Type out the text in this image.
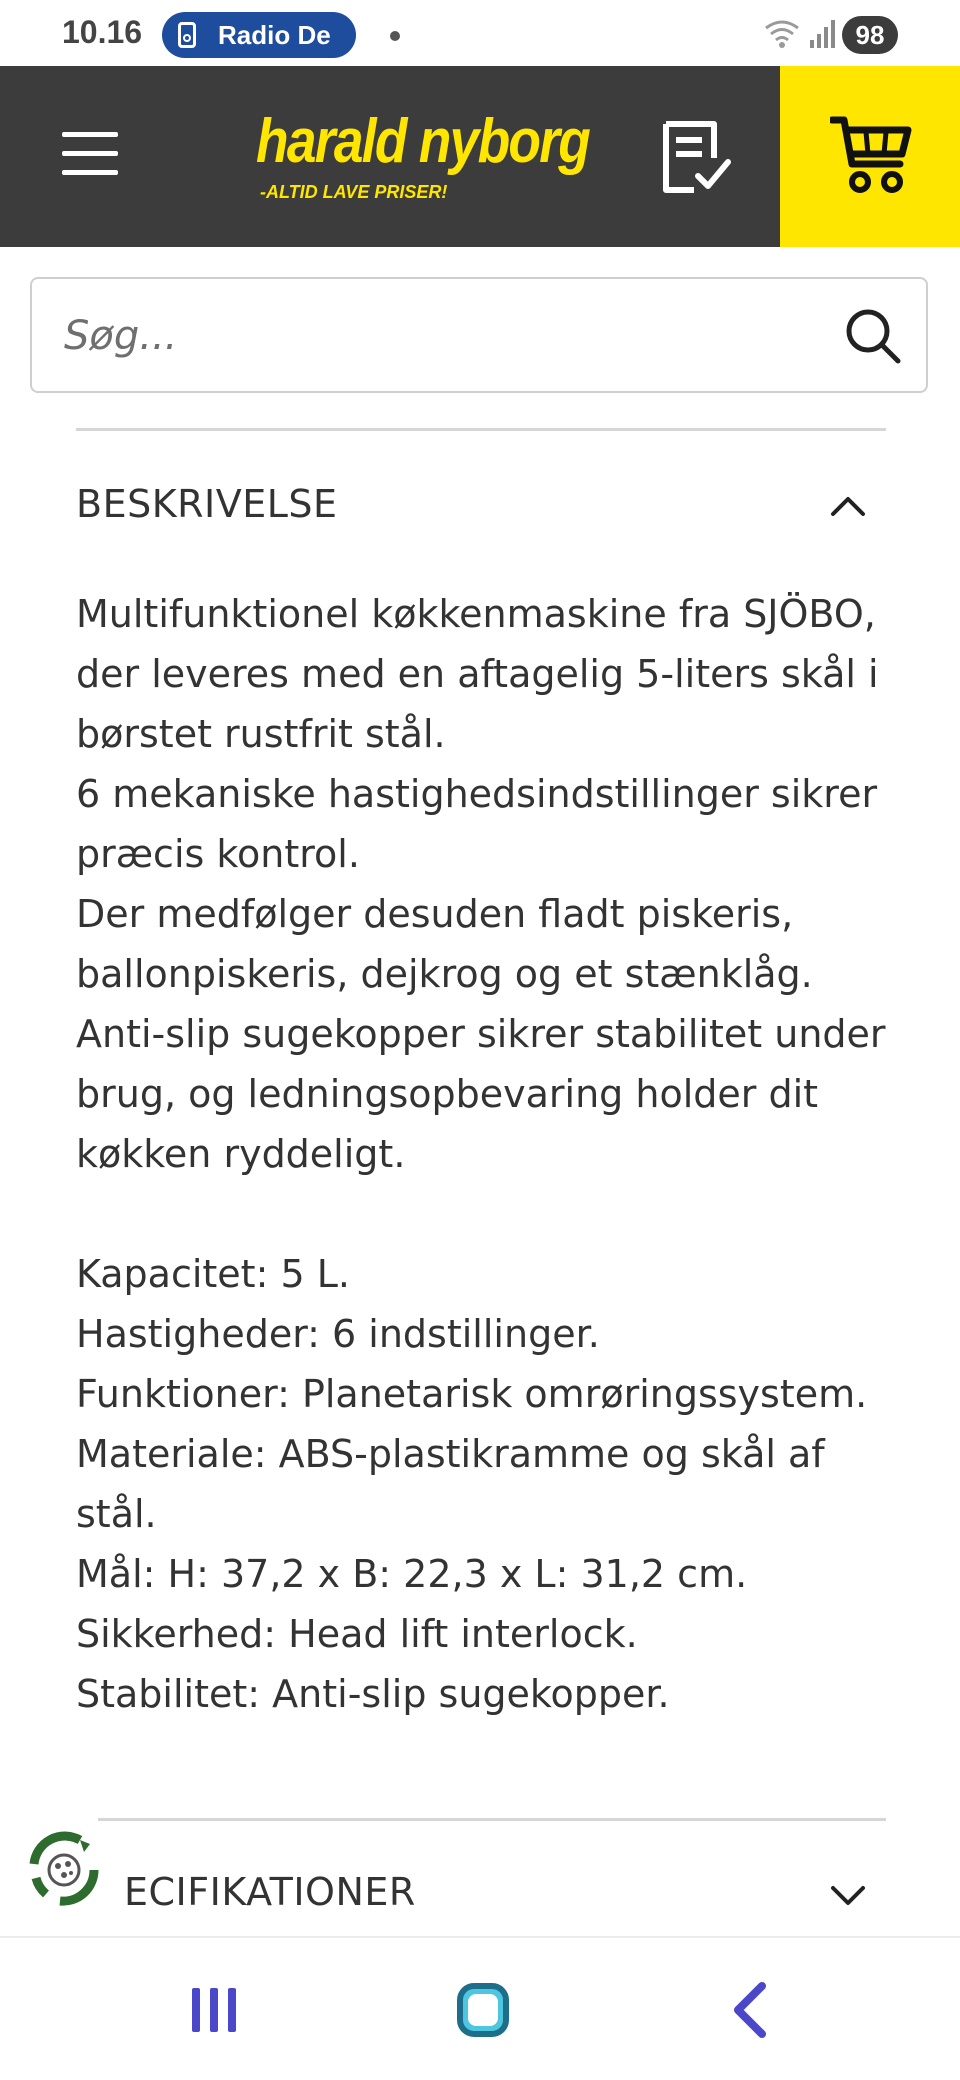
10.16	Radio De	98
harald nyborg
-ALTID LAVE PRISER!
Søg...
BESKRIVELSE

Multifunktionel køkkenmaskine fra SJÖBO, der leveres med en aftagelig 5-liters skål i børstet rustfrit stål.

6 mekaniske hastighedsindstillinger sikrer præcis kontrol.

Der medfølger desuden fladt piskeris, ballonpiskeris, dejkrog og et stænklåg.

Anti-slip sugekopper sikrer stabilitet under brug, og ledningsopbevaring holder dit køkken ryddeligt.

Kapacitet: 5 L.

Hastigheder: 6 indstillinger.

Funktioner: Planetarisk omrøringssystem.

Materiale: ABS-plastikramme og skål af stål.

Mål: H: 37,2 x B: 22,3 x L: 31,2 cm.

Sikkerhed: Head lift interlock.

Stabilitet: Anti-slip sugekopper.

ECIFIKATIONER
